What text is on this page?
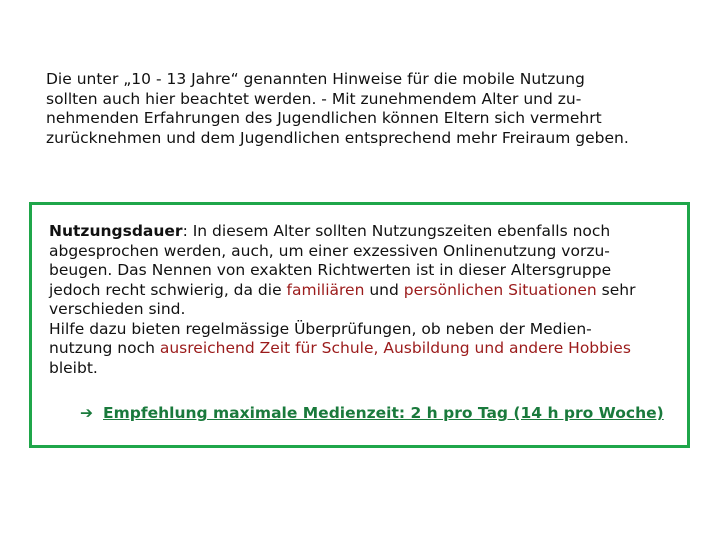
Die unter „10 - 13 Jahre“ genannten Hinweise für die mobile Nutzung
sollten auch hier beachtet werden. - Mit zunehmendem Alter und zu-
nehmenden Erfahrungen des Jugendlichen können Eltern sich vermehrt
zurücknehmen und dem Jugendlichen entsprechend mehr Freiraum geben.
Nutzungsdauer: In diesem Alter sollten Nutzungszeiten ebenfalls noch
abgesprochen werden, auch, um einer exzessiven Onlinenutzung vorzu-
beugen. Das Nennen von exakten Richtwerten ist in dieser Altersgruppe
jedoch recht schwierig, da die familiären und persönlichen Situationen sehr
verschieden sind.
Hilfe dazu bieten regelmässige Überprüfungen, ob neben der Medien-
nutzung noch ausreichend Zeit für Schule, Ausbildung und andere Hobbies
bleibt.
➔ Empfehlung maximale Medienzeit: 2 h pro Tag (14 h pro Woche)
